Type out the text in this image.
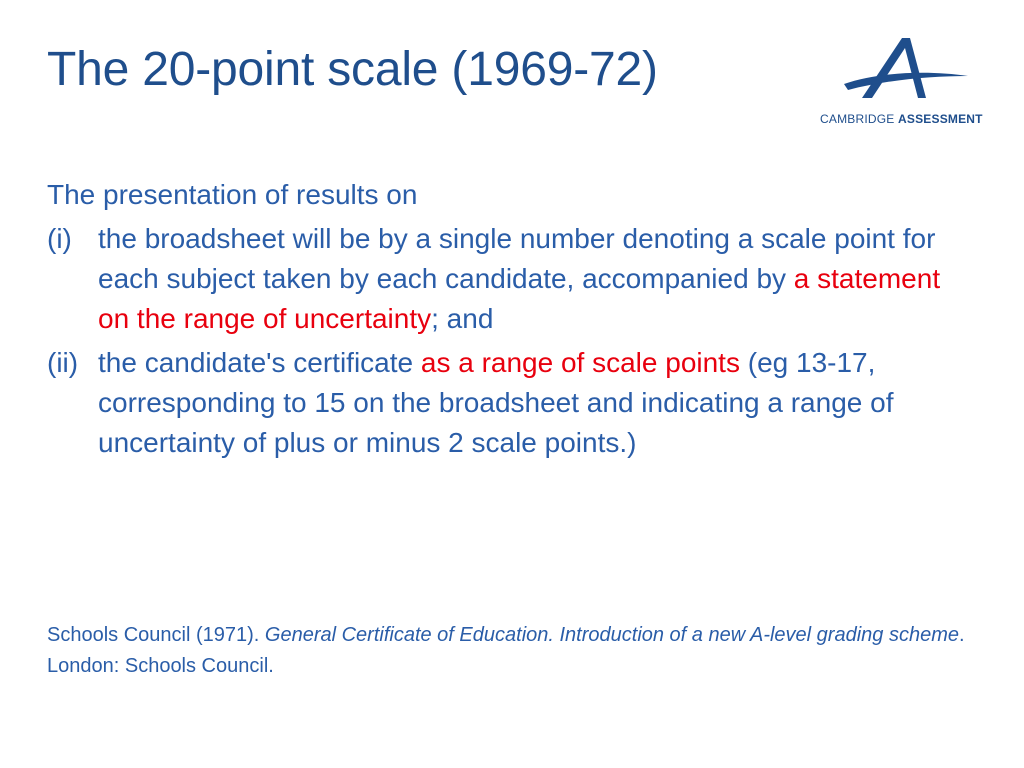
The 20-point scale (1969-72)
CAMBRIDGE ASSESSMENT
The presentation of results on
(i) the broadsheet will be by a single number denoting a scale point for each subject taken by each candidate, accompanied by a statement on the range of uncertainty; and
(ii) the candidate's certificate as a range of scale points (eg 13-17, corresponding to 15 on the broadsheet and indicating a range of uncertainty of plus or minus 2 scale points.)
Schools Council (1971). General Certificate of Education. Introduction of a new A-level grading scheme. London: Schools Council.
